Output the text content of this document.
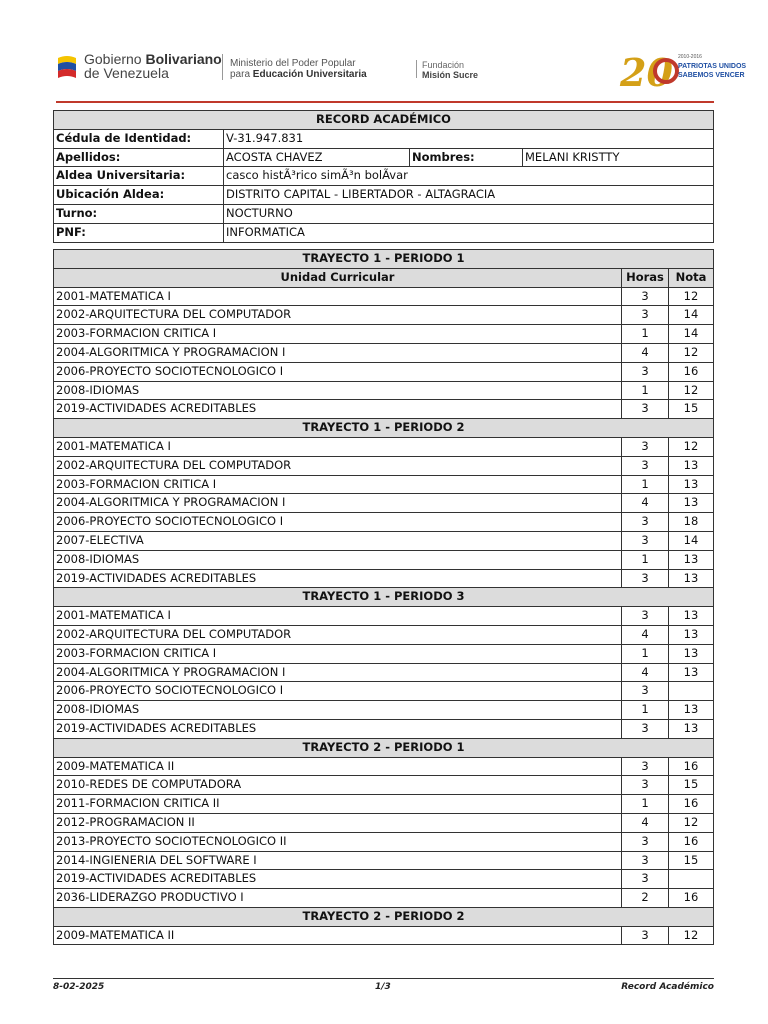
Gobierno Bolivariano
de Venezuela
Ministerio del Poder Popular
para Educación Universitaria
Fundación
Misión Sucre	20 2010-2016
PATRIOTAS UNIDOS
SABEMOS VENCER
RECORD ACADÉMICO			
Cédula de Identidad:	V-31.947.831		
Apellidos:	ACOSTA CHAVEZ	Nombres:	MELANI KRISTTY
Aldea Universitaria:	casco histÃ³rico simÃ³n bolÃvar		
Ubicación Aldea:	DISTRITO CAPITAL - LIBERTADOR - ALTAGRACIA		
Turno:	NOCTURNO		
PNF:	INFORMATICA		
TRAYECTO 1 - PERIODO 1		
Unidad Curricular	Horas	Nota
2001-MATEMATICA I	3	12
2002-ARQUITECTURA DEL COMPUTADOR	3	14
2003-FORMACION CRITICA I	1	14
2004-ALGORITMICA Y PROGRAMACION I	4	12
2006-PROYECTO SOCIOTECNOLOGICO I	3	16
2008-IDIOMAS	1	12
2019-ACTIVIDADES ACREDITABLES	3	15
TRAYECTO 1 - PERIODO 2		
2001-MATEMATICA I	3	12
2002-ARQUITECTURA DEL COMPUTADOR	3	13
2003-FORMACION CRITICA I	1	13
2004-ALGORITMICA Y PROGRAMACION I	4	13
2006-PROYECTO SOCIOTECNOLOGICO I	3	18
2007-ELECTIVA	3	14
2008-IDIOMAS	1	13
2019-ACTIVIDADES ACREDITABLES	3	13
TRAYECTO 1 - PERIODO 3		
2001-MATEMATICA I	3	13
2002-ARQUITECTURA DEL COMPUTADOR	4	13
2003-FORMACION CRITICA I	1	13
2004-ALGORITMICA Y PROGRAMACION I	4	13
2006-PROYECTO SOCIOTECNOLOGICO I	3	
2008-IDIOMAS	1	13
2019-ACTIVIDADES ACREDITABLES	3	13
TRAYECTO 2 - PERIODO 1		
2009-MATEMATICA II	3	16
2010-REDES DE COMPUTADORA	3	15
2011-FORMACION CRITICA II	1	16
2012-PROGRAMACION II	4	12
2013-PROYECTO SOCIOTECNOLOGICO II	3	16
2014-INGIENERIA DEL SOFTWARE I	3	15
2019-ACTIVIDADES ACREDITABLES	3	
2036-LIDERAZGO PRODUCTIVO I	2	16
TRAYECTO 2 - PERIODO 2		
2009-MATEMATICA II	3	12
8-02-2025	1/3	Record Académico
